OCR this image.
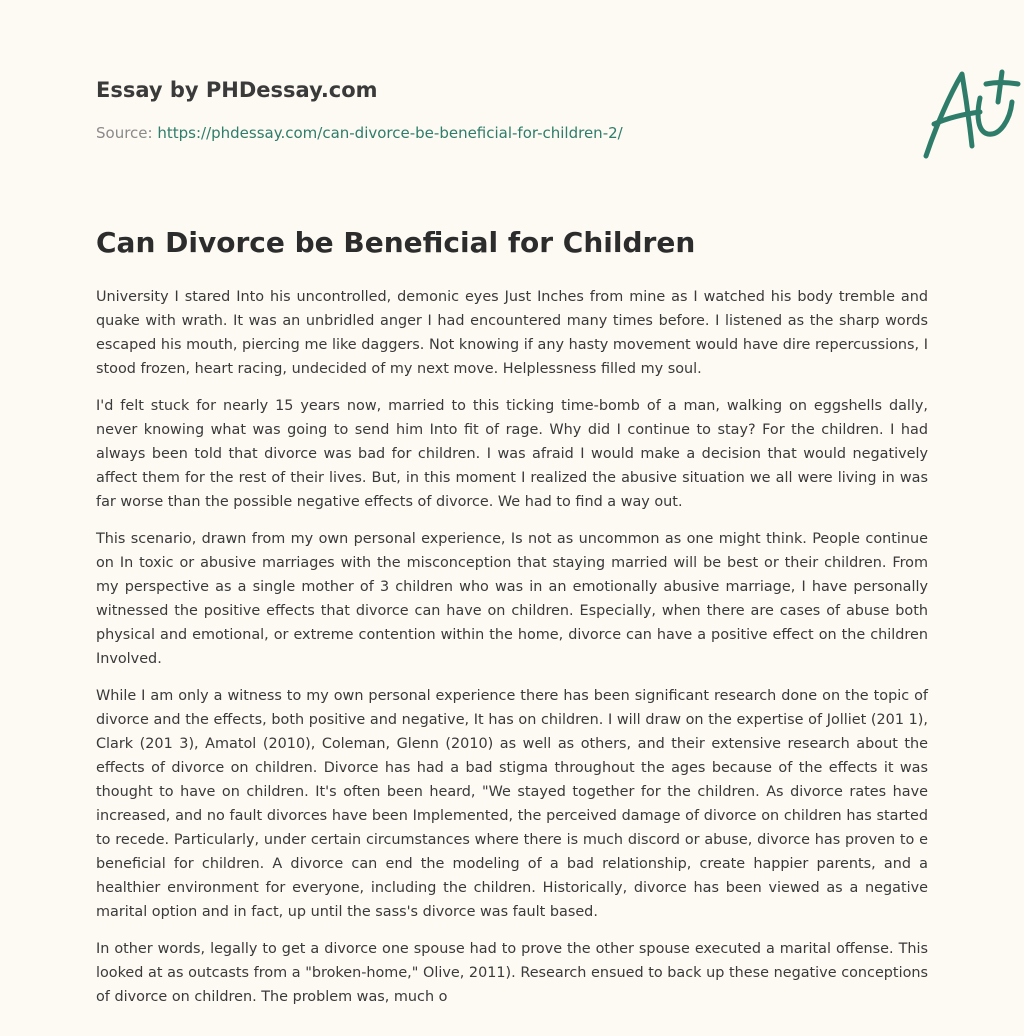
Essay by PHDessay.com
Source: https://phdessay.com/can-divorce-be-beneficial-for-children-2/
Can Divorce be Beneficial for Children

University I stared Into his uncontrolled, demonic eyes Just Inches from mine as I watched his body tremble and quake with wrath. It was an unbridled anger I had encountered many times before. I listened as the sharp words escaped his mouth, piercing me like daggers. Not knowing if any hasty movement would have dire repercussions, I stood frozen, heart racing, undecided of my next move. Helplessness filled my soul.

I'd felt stuck for nearly 15 years now, married to this ticking time-bomb of a man, walking on eggshells dally, never knowing what was going to send him Into fit of rage. Why did I continue to stay? For the children. I had always been told that divorce was bad for children. I was afraid I would make a decision that would negatively affect them for the rest of their lives. But, in this moment I realized the abusive situation we all were living in was far worse than the possible negative effects of divorce. We had to find a way out.

This scenario, drawn from my own personal experience, Is not as uncommon as one might think. People continue on In toxic or abusive marriages with the misconception that staying married will be best or their children. From my perspective as a single mother of 3 children who was in an emotionally abusive marriage, I have personally witnessed the positive effects that divorce can have on children. Especially, when there are cases of abuse both physical and emotional, or extreme contention within the home, divorce can have a positive effect on the children Involved.

While I am only a witness to my own personal experience there has been significant research done on the topic of divorce and the effects, both positive and negative, It has on children. I will draw on the expertise of Jolliet (201 1), Clark (201 3), Amatol (2010), Coleman, Glenn (2010) as well as others, and their extensive research about the effects of divorce on children. Divorce has had a bad stigma throughout the ages because of the effects it was thought to have on children. It's often been heard, "We stayed together for the children. As divorce rates have increased, and no fault divorces have been Implemented, the perceived damage of divorce on children has started to recede. Particularly, under certain circumstances where there is much discord or abuse, divorce has proven to e beneficial for children. A divorce can end the modeling of a bad relationship, create happier parents, and a healthier environment for everyone, including the children. Historically, divorce has been viewed as a negative marital option and in fact, up until the sass's divorce was fault based.

In other words, legally to get a divorce one spouse had to prove the other spouse executed a marital offense. This looked at as outcasts from a "broken-home," Olive, 2011). Research ensued to back up these negative conceptions of divorce on children. The problem was, much o
